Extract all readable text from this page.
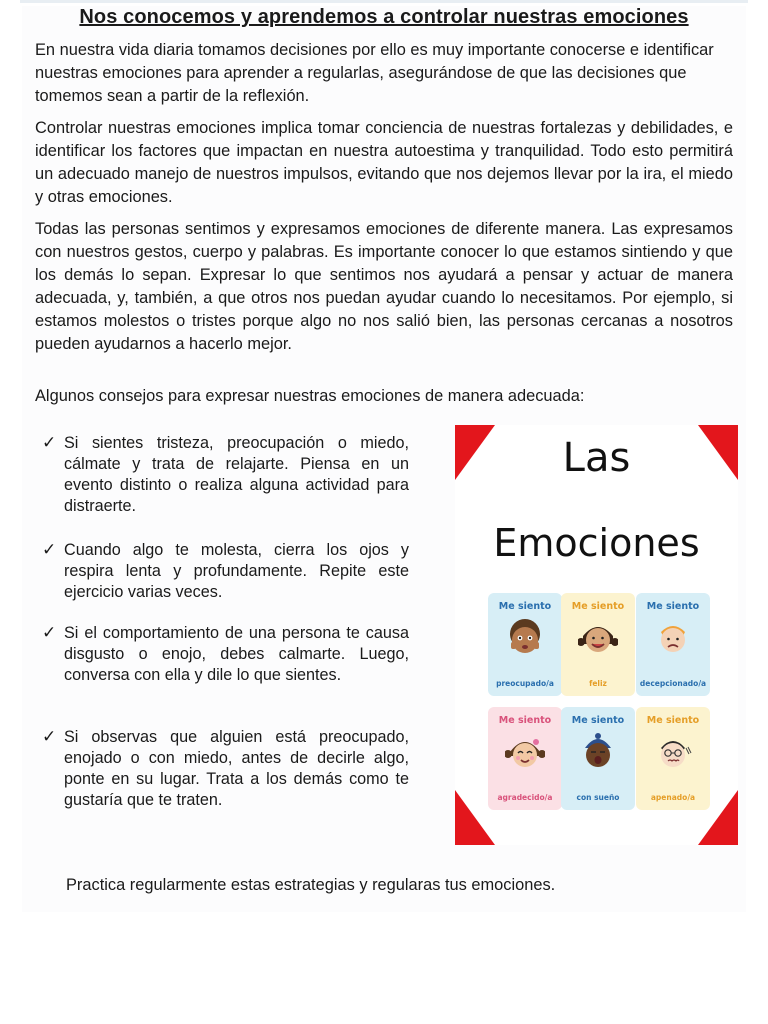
Nos conocemos y aprendemos a controlar nuestras emociones

En nuestra vida diaria tomamos decisiones por ello es muy importante conocerse e identificar nuestras emociones para aprender a regularlas, asegurándose de que las decisiones que tomemos sean a partir de la reflexión.

Controlar nuestras emociones implica tomar conciencia de nuestras fortalezas y debilidades, e identificar los factores que impactan en nuestra autoestima y tranquilidad. Todo esto permitirá un adecuado manejo de nuestros impulsos, evitando que nos dejemos llevar por la ira, el miedo y otras emociones.

Todas las personas sentimos y expresamos emociones de diferente manera. Las expresamos con nuestros gestos, cuerpo y palabras. Es importante conocer lo que estamos sintiendo y que los demás lo sepan. Expresar lo que sentimos nos ayudará a pensar y actuar de manera adecuada, y, también, a que otros nos puedan ayudar cuando lo necesitamos. Por ejemplo, si estamos molestos o tristes porque algo no nos salió bien, las personas cercanas a nosotros pueden ayudarnos a hacerlo mejor.

Algunos consejos para expresar nuestras emociones de manera adecuada:

✓ Si sientes tristeza, preocupación o miedo, cálmate y trata de relajarte. Piensa en un evento distinto o realiza alguna actividad para distraerte.

✓ Cuando algo te molesta, cierra los ojos y respira lenta y profundamente. Repite este ejercicio varias veces.

✓ Si el comportamiento de una persona te causa disgusto o enojo, debes calmarte. Luego, conversa con ella y dile lo que sientes.

✓ Si observas que alguien está preocupado, enojado o con miedo, antes de decirle algo, ponte en su lugar. Trata a los demás como te gustaría que te traten.

Las
Emociones
Me siento
preocupado/a
Me siento
feliz
Me siento
decepcionado/a
Me siento
agradecido/a
Me siento
con sueño
Me siento
apenado/a

Practica regularmente estas estrategias y regularas tus emociones.
